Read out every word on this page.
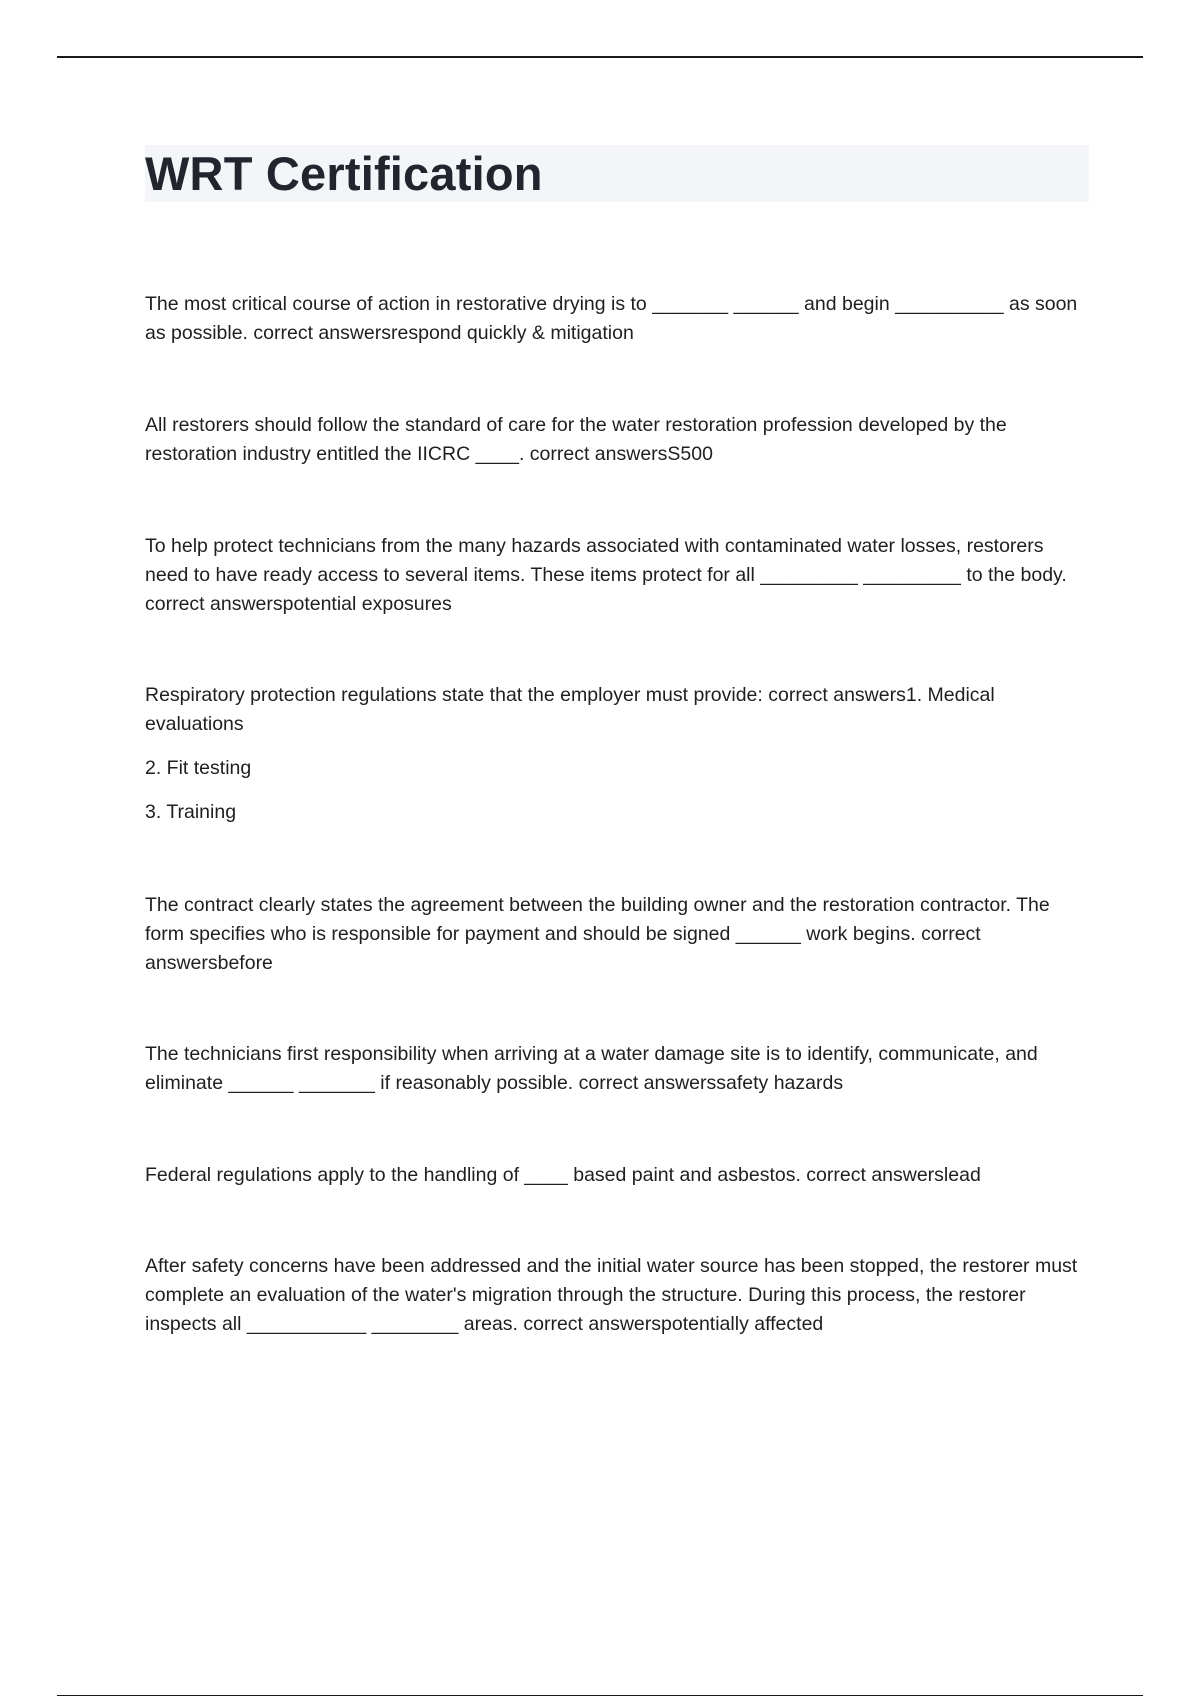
WRT Certification

The most critical course of action in restorative drying is to _______ ______ and begin __________ as soon as possible. correct answersrespond quickly & mitigation

All restorers should follow the standard of care for the water restoration profession developed by the restoration industry entitled the IICRC ____. correct answersS500

To help protect technicians from the many hazards associated with contaminated water losses, restorers need to have ready access to several items. These items protect for all _________ _________ to the body. correct answerspotential exposures

Respiratory protection regulations state that the employer must provide: correct answers1. Medical evaluations

2. Fit testing

3. Training

The contract clearly states the agreement between the building owner and the restoration contractor. The form specifies who is responsible for payment and should be signed ______ work begins. correct answersbefore

The technicians first responsibility when arriving at a water damage site is to identify, communicate, and eliminate ______ _______ if reasonably possible. correct answerssafety hazards

Federal regulations apply to the handling of ____ based paint and asbestos. correct answerslead

After safety concerns have been addressed and the initial water source has been stopped, the restorer must complete an evaluation of the water's migration through the structure. During this process, the restorer inspects all ___________ ________ areas. correct answerspotentially affected
